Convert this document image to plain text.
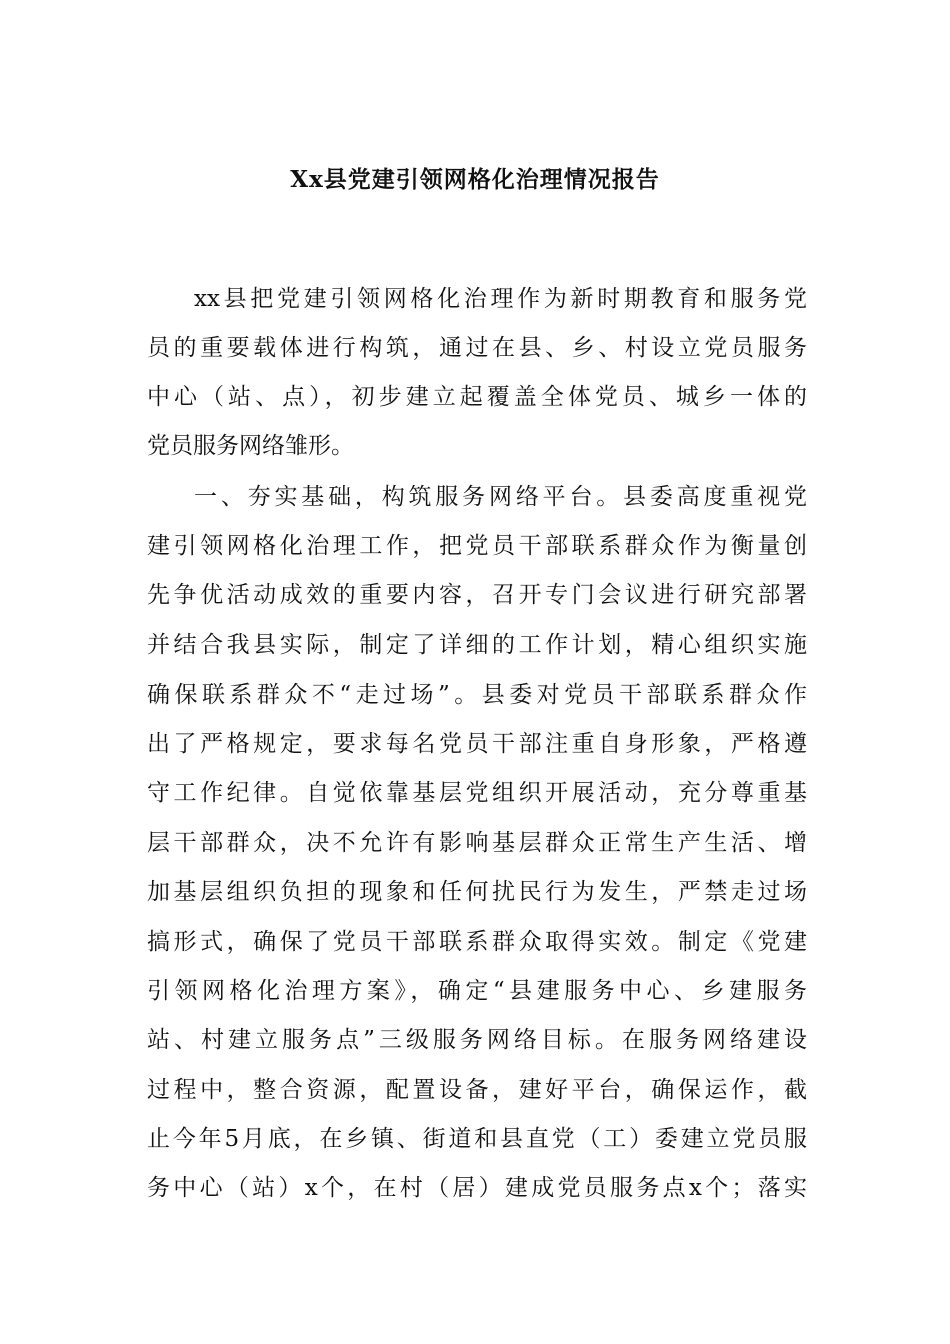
Xx县党建引领网格化治理情况报告
xx县把党建引领网格化治理作为新时期教育和服务党
员的重要载体进行构筑，通过在县、乡、村设立党员服务
中心（站、点），初步建立起覆盖全体党员、城乡一体的
党员服务网络雏形。
一、夯实基础，构筑服务网络平台。县委高度重视党
建引领网格化治理工作，把党员干部联系群众作为衡量创
先争优活动成效的重要内容，召开专门会议进行研究部署
并结合我县实际，制定了详细的工作计划，精心组织实施
确保联系群众不“走过场”。县委对党员干部联系群众作
出了严格规定，要求每名党员干部注重自身形象，严格遵
守工作纪律。自觉依靠基层党组织开展活动，充分尊重基
层干部群众，决不允许有影响基层群众正常生产生活、增
加基层组织负担的现象和任何扰民行为发生，严禁走过场
搞形式，确保了党员干部联系群众取得实效。制定《党建
引领网格化治理方案》，确定“县建服务中心、乡建服务
站、村建立服务点”三级服务网络目标。在服务网络建设
过程中，整合资源，配置设备，建好平台，确保运作，截
止今年5月底，在乡镇、街道和县直党（工）委建立党员服
务中心（站）x个，在村（居）建成党员服务点x个；落实
